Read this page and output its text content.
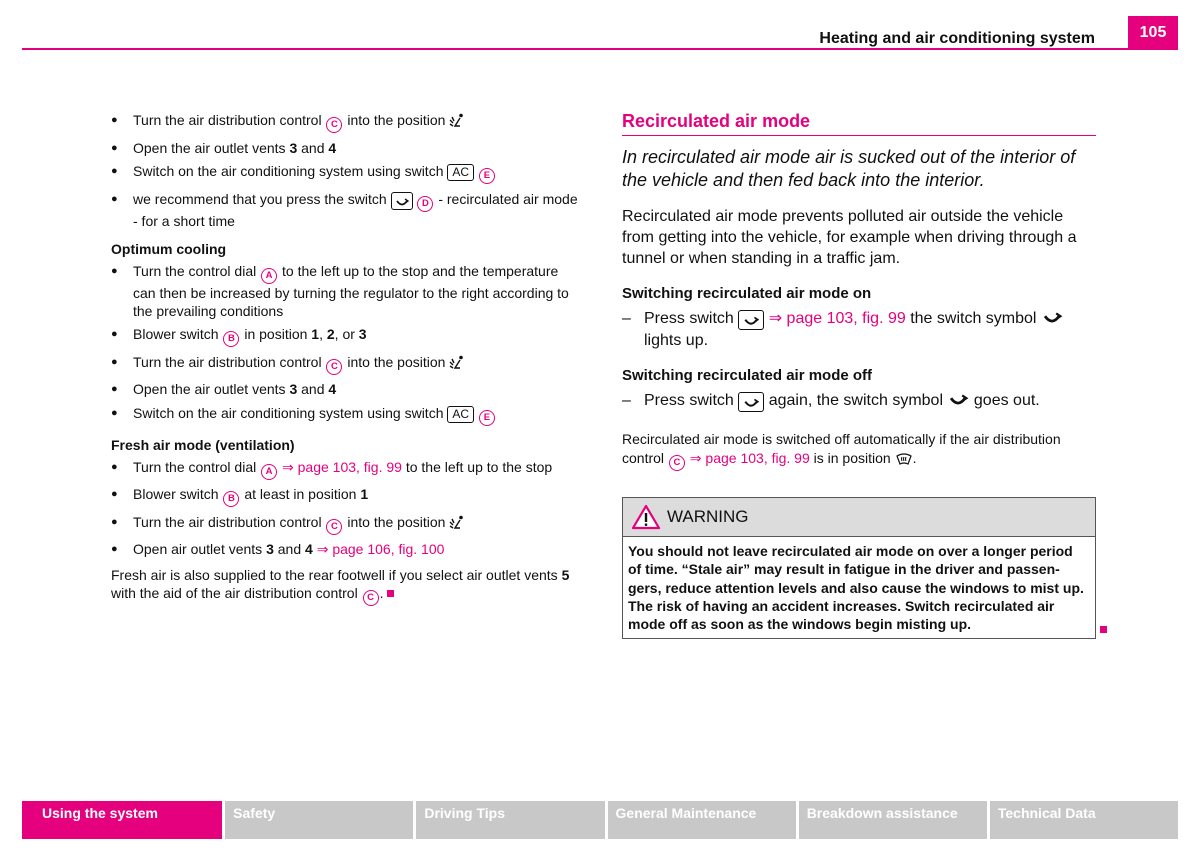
Heating and air conditioning system	105
● Turn the air distribution control C into the position
● Open the air outlet vents 3 and 4
● Switch on the air conditioning system using switch AC E
● we recommend that you press the switch	D - recirculated air mode - for a short time
Optimum cooling
● Turn the control dial A to the left up to the stop and the temperature can then be increased by turning the regulator to the right according to the prevailing conditions
● Blower switch B in position 1, 2, or 3
● Turn the air distribution control C into the position
● Open the air outlet vents 3 and 4
● Switch on the air conditioning system using switch AC E
Fresh air mode (ventilation)
● Turn the control dial A ⇒ page 103, fig. 99 to the left up to the stop
● Blower switch B at least in position 1
● Turn the air distribution control C into the position
● Open air outlet vents 3 and 4 ⇒ page 106, fig. 100
Fresh air is also supplied to the rear footwell if you select air outlet vents 5 with the aid of the air distribution control C .
Recirculated air mode
In recirculated air mode air is sucked out of the interior of the vehicle and then fed back into the interior.
Recirculated air mode prevents polluted air outside the vehicle from getting into the vehicle, for example when driving through a tunnel or when standing in a traffic jam.
Switching recirculated air mode on
– Press switch  ⇒ page 103, fig. 99 the switch symbol  lights up.
Switching recirculated air mode off
– Press switch  again, the switch symbol  goes out.
Recirculated air mode is switched off automatically if the air distribution control C ⇒ page 103, fig. 99 is in position .
WARNING
You should not leave recirculated air mode on over a longer period of time. “Stale air” may result in fatigue in the driver and passen-gers, reduce attention levels and also cause the windows to mist up. The risk of having an accident increases. Switch recirculated air mode off as soon as the windows begin misting up.
Using the system	Safety	Driving Tips	General Maintenance	Breakdown assistance	Technical Data
